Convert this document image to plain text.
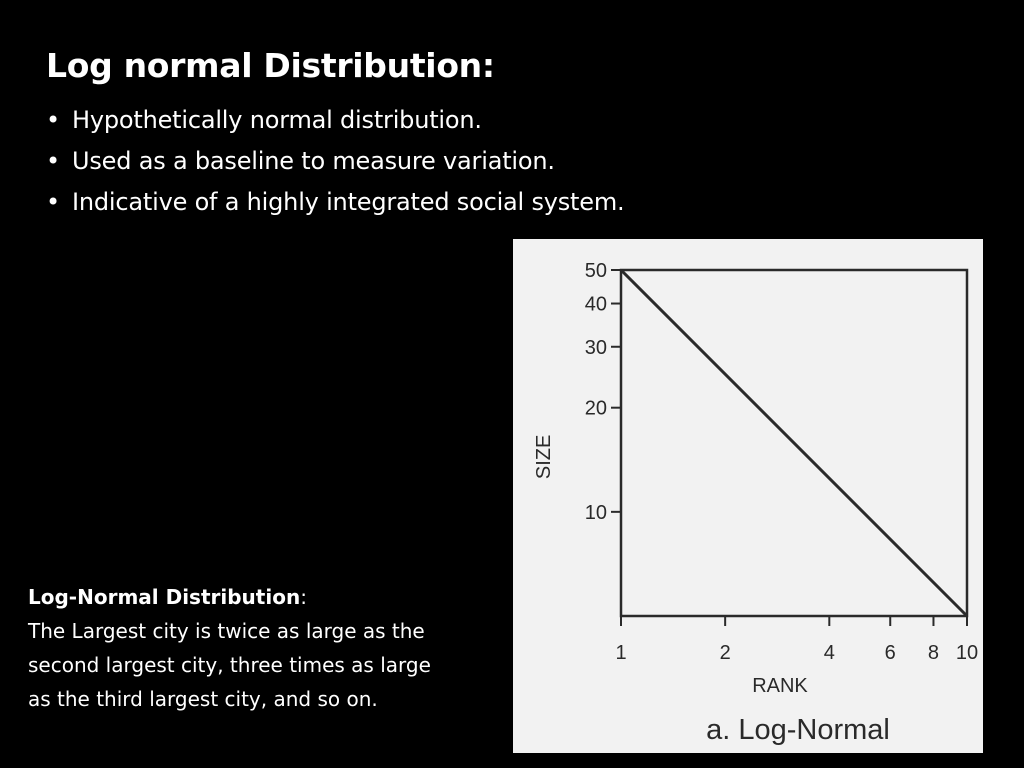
Log normal Distribution:
• Hypothetically normal distribution.
• Used as a baseline to measure variation.
• Indicative of a highly integrated social system.
Log-Normal Distribution:
The Largest city is twice as large as the
second largest city, three times as large
as the third largest city, and so on.
10
20
30
40
50
1	2	4 6 8 10
RANK
SIZE
a. Log-Normal
